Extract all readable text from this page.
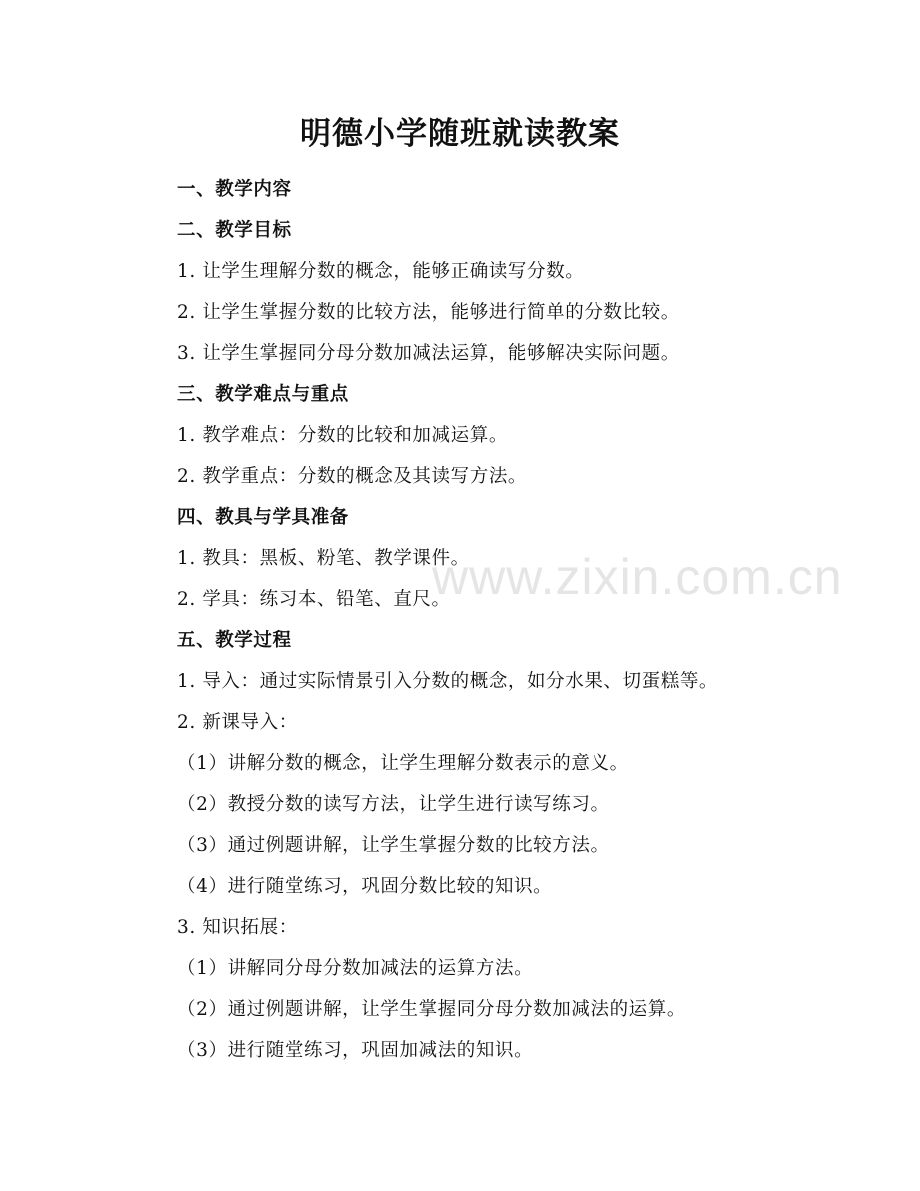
www.zixin.com.cn
明德小学随班就读教案
一、教学内容
二、教学目标
1. 让学生理解分数的概念，能够正确读写分数。
2. 让学生掌握分数的比较方法，能够进行简单的分数比较。
3. 让学生掌握同分母分数加减法运算，能够解决实际问题。
三、教学难点与重点
1. 教学难点：分数的比较和加减运算。
2. 教学重点：分数的概念及其读写方法。
四、教具与学具准备
1. 教具：黑板、粉笔、教学课件。
2. 学具：练习本、铅笔、直尺。
五、教学过程
1. 导入：通过实际情景引入分数的概念，如分水果、切蛋糕等。
2. 新课导入：
（1）讲解分数的概念，让学生理解分数表示的意义。
（2）教授分数的读写方法，让学生进行读写练习。
（3）通过例题讲解，让学生掌握分数的比较方法。
（4）进行随堂练习，巩固分数比较的知识。
3. 知识拓展：
（1）讲解同分母分数加减法的运算方法。
（2）通过例题讲解，让学生掌握同分母分数加减法的运算。
（3）进行随堂练习，巩固加减法的知识。
